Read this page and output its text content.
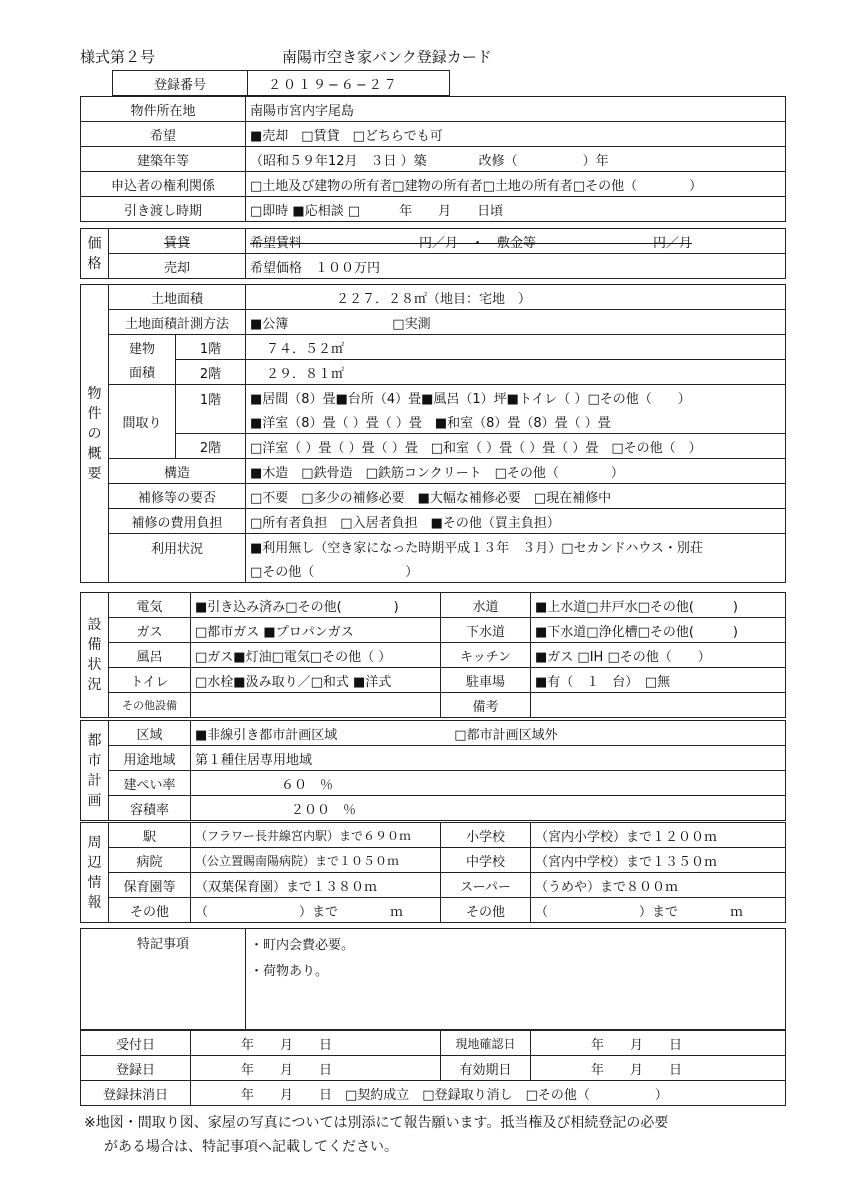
様式第２号	南陽市空き家バンク登録カード
登録番号	２０１９−６−２７
物件所在地	南陽市宮内字尾島
希望	■売却　□賃貸　□どちらでも可
建築年等	（昭和５９年12月　３日 ）築　　　　改修（　　　　　）年
申込者の権利関係	□土地及び建物の所有者□建物の所有者□土地の所有者□その他（　　　　）
引き渡し時期	□即時 ■応相談 □　　　年　　月　　日頃
価格	賃貸	希望賃料　　　　　　　　　円／月　・　敷金等　　　　　　　　　円／月
	売却	希望価格　１００万円
物件の概要	土地面積		２２７．２８㎡（地目：宅地　）
	土地面積計測方法		■公簿　　　　　　　　□実測
	建物	1階	７４．５２㎡
	面積	2階	２９．８１㎡
	間取り	1階	■居間（8）畳■台所（4）畳■風呂（1）坪■トイレ（ ）□その他（　　）
			■洋室（8）畳（ ）畳（ ）畳　■和室（8）畳（8）畳（ ）畳
		2階	□洋室（ ）畳（ ）畳（ ）畳　□和室（ ）畳（ ）畳（ ）畳　□その他（　）
	構造		■木造　□鉄骨造　□鉄筋コンクリート　□その他（　　　　）
	補修等の要否		□不要　□多少の補修必要　■大幅な補修必要　□現在補修中
	補修の費用負担		□所有者負担　□入居者負担　■その他（買主負担）
	利用状況		■利用無し（空き家になった時期平成１３年　３月）□セカンドハウス・別荘
			□その他（　　　　　　　）
設備状況	電気	■引き込み済み□その他(　　　　)	水道	■上水道□井戸水□その他(　　　)
	ガス	□都市ガス ■プロパンガス	下水道	■下水道□浄化槽□その他(　　　)
	風呂	□ガス■灯油□電気□その他（ ）	キッチン	■ガス □IH □その他（　　）
	トイレ	□水栓■汲み取り／□和式 ■洋式	駐車場	■有（　１　台）　□無
	その他設備		備考	
都市計画	区域	■非線引き都市計画区域　　　　　　　　　□都市計画区域外
	用途地域	第１種住居専用地域
	建ぺい率	６０　％
	容積率	２００　％
周辺情報	駅	（フラワー長井線宮内駅）まで６９０ｍ	小学校	（宮内小学校）まで１２００ｍ
	病院	（公立置賜南陽病院）まで１０５０ｍ	中学校	（宮内中学校）まで１３５０ｍ
	保育園等	（双葉保育園）まで１３８０ｍ	スーパー	（うめや）まで８００ｍ
	その他	（　　　　　　　）まで　　　　ｍ	その他	（　　　　　　　）まで　　　　ｍ
特記事項	・町内会費必要。
・荷物あり。
受付日	年　　月　　日	現地確認日	年　　月　　日
登録日	年　　月　　日	有効期日	年　　月　　日
登録抹消日	年　　月　　日　□契約成立　□登録取り消し　□その他（　　　　　）		
※地図・間取り図、家屋の写真については別添にて報告願います。抵当権及び相続登記の必要
がある場合は、特記事項へ記載してください。
